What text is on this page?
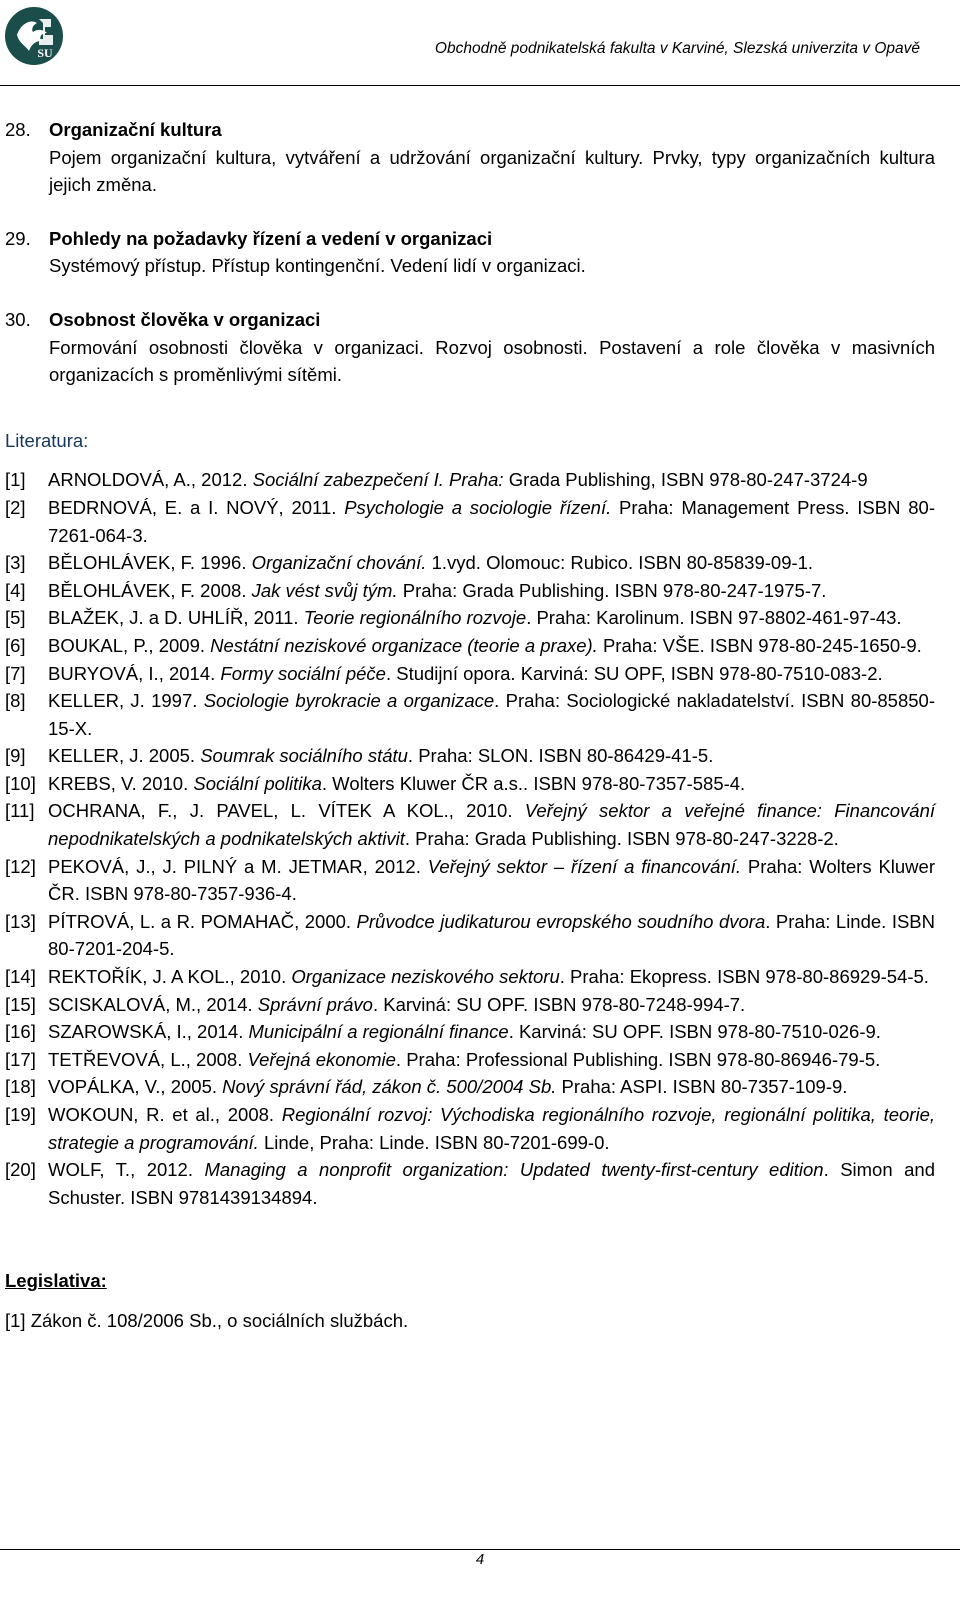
SU	Obchodně podnikatelská fakulta v Karviné, Slezská univerzita v Opavě
28. Organizační kultura
Pojem organizační kultura, vytváření a udržování organizační kultury. Prvky, typy organizačních kultura jejich změna.
29. Pohledy na požadavky řízení a vedení v organizaci
Systémový přístup. Přístup kontingenční. Vedení lidí v organizaci.
30. Osobnost člověka v organizaci
Formování osobnosti člověka v organizaci. Rozvoj osobnosti. Postavení a role člověka v masivních organizacích s proměnlivými sítěmi.
Literatura:
[1]	ARNOLDOVÁ, A., 2012. Sociální zabezpečení I. Praha: Grada Publishing, ISBN 978-80-247-3724-9
[2]	BEDRNOVÁ, E. a I. NOVÝ, 2011. Psychologie a sociologie řízení. Praha: Management Press. ISBN 80-7261-064-3.
[3]	BĚLOHLÁVEK, F. 1996. Organizační chování. 1.vyd. Olomouc: Rubico. ISBN 80-85839-09-1.
[4]	BĚLOHLÁVEK, F. 2008. Jak vést svůj tým. Praha: Grada Publishing. ISBN 978-80-247-1975-7.
[5]	BLAŽEK, J. a D. UHLÍŘ, 2011. Teorie regionálního rozvoje. Praha: Karolinum. ISBN 97-8802-461-97-43.
[6]	BOUKAL, P., 2009. Nestátní neziskové organizace (teorie a praxe). Praha: VŠE. ISBN 978-80-245-1650-9.
[7]	BURYOVÁ, I., 2014. Formy sociální péče. Studijní opora. Karviná: SU OPF, ISBN 978-80-7510-083-2.
[8]	KELLER, J. 1997. Sociologie byrokracie a organizace. Praha: Sociologické nakladatelství. ISBN 80-85850-15-X.
[9]	KELLER, J. 2005. Soumrak sociálního státu. Praha: SLON. ISBN 80-86429-41-5.
[10] KREBS, V. 2010. Sociální politika. Wolters Kluwer ČR a.s.. ISBN 978-80-7357-585-4.
[11] OCHRANA, F., J. PAVEL, L. VÍTEK A KOL., 2010. Veřejný sektor a veřejné finance: Financování nepodnikatelských a podnikatelských aktivit. Praha: Grada Publishing. ISBN 978-80-247-3228-2.
[12] PEKOVÁ, J., J. PILNÝ a M. JETMAR, 2012. Veřejný sektor – řízení a financování. Praha: Wolters Kluwer ČR. ISBN 978-80-7357-936-4.
[13] PÍTROVÁ, L. a R. POMAHAČ, 2000. Průvodce judikaturou evropského soudního dvora. Praha: Linde. ISBN 80-7201-204-5.
[14] REKTOŘÍK, J. A KOL., 2010. Organizace neziskového sektoru. Praha: Ekopress. ISBN 978-80-86929-54-5.
[15] SCISKALOVÁ, M., 2014. Správní právo. Karviná: SU OPF. ISBN 978-80-7248-994-7.
[16] SZAROWSKÁ, I., 2014. Municipální a regionální finance. Karviná: SU OPF. ISBN 978-80-7510-026-9.
[17] TETŘEVOVÁ, L., 2008. Veřejná ekonomie. Praha: Professional Publishing. ISBN 978-80-86946-79-5.
[18] VOPÁLKA, V., 2005. Nový správní řád, zákon č. 500/2004 Sb. Praha: ASPI. ISBN 80-7357-109-9.
[19] WOKOUN, R. et al., 2008. Regionální rozvoj: Východiska regionálního rozvoje, regionální politika, teorie, strategie a programování. Linde, Praha: Linde. ISBN 80-7201-699-0.
[20] WOLF, T., 2012. Managing a nonprofit organization: Updated twenty-first-century edition. Simon and Schuster. ISBN 9781439134894.
Legislativa:
[1] Zákon č. 108/2006 Sb., o sociálních službách.
4
